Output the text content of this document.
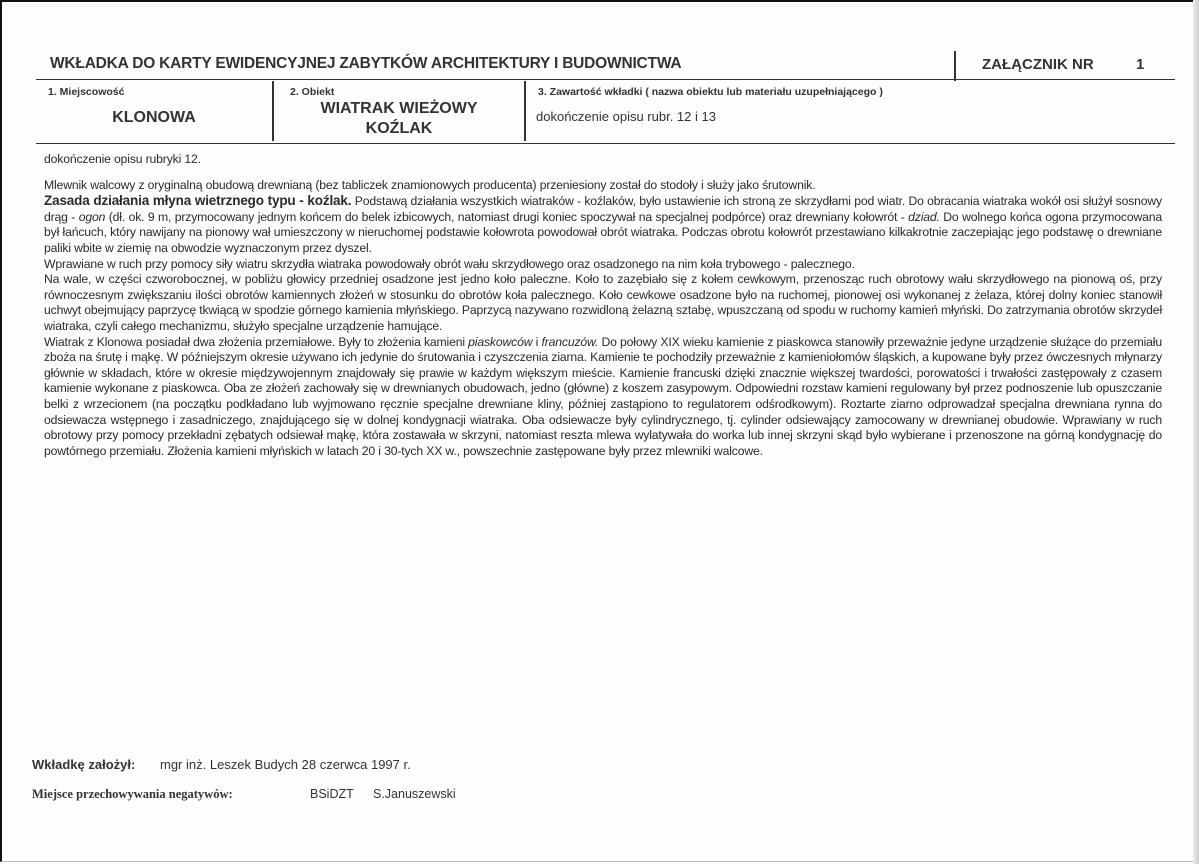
WKŁADKA DO KARTY EWIDENCYJNEJ ZABYTKÓW ARCHITEKTURY I BUDOWNICTWA	ZAŁĄCZNIK NR	1
1. Miejscowość
KLONOWA
2. Obiekt
WIATRAK WIEŻOWY
KOŹLAK
3. Zawartość wkładki ( nazwa obiektu lub materiału uzupełniającego )
dokończenie opisu rubr. 12 i 13

dokończenie opisu rubryki 12.

Mlewnik walcowy z oryginalną obudową drewnianą (bez tabliczek znamionowych producenta) przeniesiony został do stodoły i służy jako śrutownik.

Zasada działania młyna wietrznego typu - koźlak. Podstawą działania wszystkich wiatraków - koźlaków, było ustawienie ich stroną ze skrzydłami pod wiatr. Do obracania wiatraka wokół osi służył sosnowy drąg - ogon (dł. ok. 9 m, przymocowany jednym końcem do belek izbicowych, natomiast drugi koniec spoczywał na specjalnej podpórce) oraz drewniany kołowrót - dziad. Do wolnego końca ogona przymocowana był łańcuch, który nawijany na pionowy wał umieszczony w nieruchomej podstawie kołowrota powodował obrót wiatraka. Podczas obrotu kołowrót przestawiano kilkakrotnie zaczepiając jego podstawę o drewniane paliki wbite w ziemię na obwodzie wyznaczonym przez dyszel.

Wprawiane w ruch przy pomocy siły wiatru skrzydła wiatraka powodowały obrót wału skrzydłowego oraz osadzonego na nim koła trybowego - palecznego.

Na wale, w części czworobocznej, w pobliżu głowicy przedniej osadzone jest jedno koło paleczne. Koło to zazębiało się z kołem cewkowym, przenosząc ruch obrotowy wału skrzydłowego na pionową oś, przy równoczesnym zwiększaniu ilości obrotów kamiennych złożeń w stosunku do obrotów koła palecznego. Koło cewkowe osadzone było na ruchomej, pionowej osi wykonanej z żelaza, której dolny koniec stanowił uchwyt obejmujący paprzycę tkwiącą w spodzie górnego kamienia młyńskiego. Paprzycą nazywano rozwidloną żelazną sztabę, wpuszczaną od spodu w ruchomy kamień młyński. Do zatrzymania obrotów skrzydeł wiatraka, czyli całego mechanizmu, służyło specjalne urządzenie hamujące.

Wiatrak z Klonowa posiadał dwa złożenia przemiałowe. Były to złożenia kamieni piaskowców i francuzów. Do połowy XIX wieku kamienie z piaskowca stanowiły przeważnie jedyne urządzenie służące do przemiału zboża na śrutę i mąkę. W późniejszym okresie używano ich jedynie do śrutowania i czyszczenia ziarna. Kamienie te pochodziły przeważnie z kamieniołomów śląskich, a kupowane były przez ówczesnych młynarzy głównie w składach, które w okresie międzywojennym znajdowały się prawie w każdym większym mieście. Kamienie francuski dzięki znacznie większej twardości, porowatości i trwałości zastępowały z czasem kamienie wykonane z piaskowca. Oba ze złożeń zachowały się w drewnianych obudowach, jedno (główne) z koszem zasypowym. Odpowiedni rozstaw kamieni regulowany był przez podnoszenie lub opuszczanie belki z wrzecionem (na początku podkładano lub wyjmowano ręcznie specjalne drewniane kliny, później zastąpiono to regulatorem odśrodkowym). Roztarte ziarno odprowadzał specjalna drewniana rynna do odsiewacza wstępnego i zasadniczego, znajdującego się w dolnej kondygnacji wiatraka. Oba odsiewacze były cylindrycznego, tj. cylinder odsiewający zamocowany w drewnianej obudowie. Wprawiany w ruch obrotowy przy pomocy przekładni zębatych odsiewał mąkę, która zostawała w skrzyni, natomiast reszta mlewa wylatywała do worka lub innej skrzyni skąd było wybierane i przenoszone na górną kondygnację do powtórnego przemiału. Złożenia kamieni młyńskich w latach 20 i 30-tych XX w., powszechnie zastępowane były przez mlewniki walcowe.

Wkładkę założył: mgr inż. Leszek Budych 28 czerwca 1997 r.
Miejsce przechowywania negatywów:	BSiDZT S.Januszewski
